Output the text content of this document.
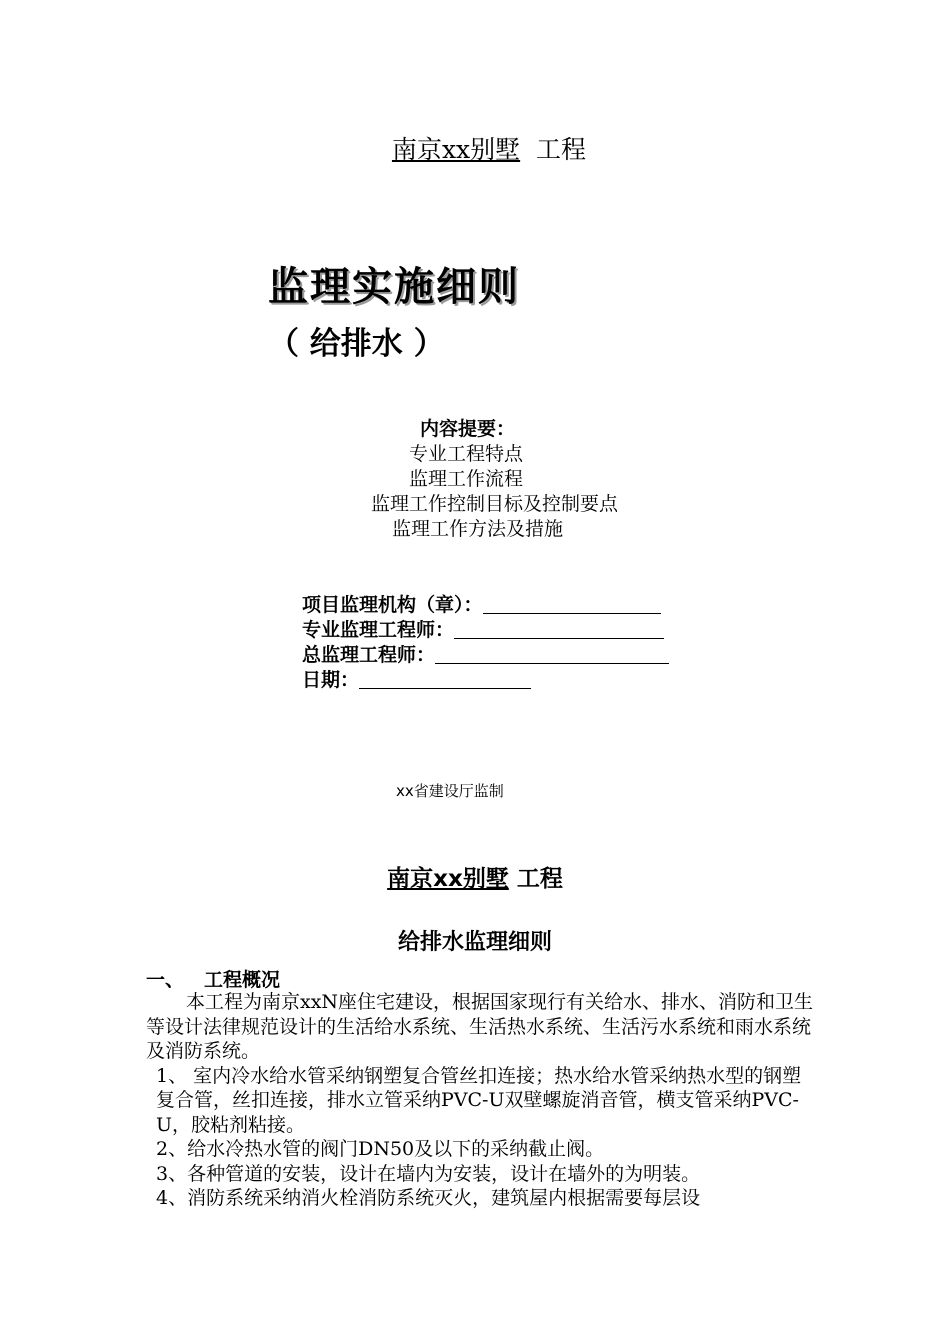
南京xx别墅 工程
监理实施细则
（ 给排水 ）
内容提要：
专业工程特点
监理工作流程
监理工作控制目标及控制要点
监理工作方法及措施
项目监理机构（章）：
专业监理工程师：
总监理工程师：
日期：
xx省建设厅监制
南京xx别墅 工程
给排水监理细则
一、 工程概况

本工程为南京xxN座住宅建设，根据国家现行有关给水、排水、消防和卫生等设计法律规范设计的生活给水系统、生活热水系统、生活污水系统和雨水系统及消防系统。

1、 室内冷水给水管采纳钢塑复合管丝扣连接；热水给水管采纳热水型的钢塑复合管，丝扣连接，排水立管采纳PVC-U双壁螺旋消音管，横支管采纳PVC-U，胶粘剂粘接。

2、给水冷热水管的阀门DN50及以下的采纳截止阀。

3、各种管道的安装，设计在墙内为安装，设计在墙外的为明装。

4、消防系统采纳消火栓消防系统灭火，建筑屋内根据需要每层设
